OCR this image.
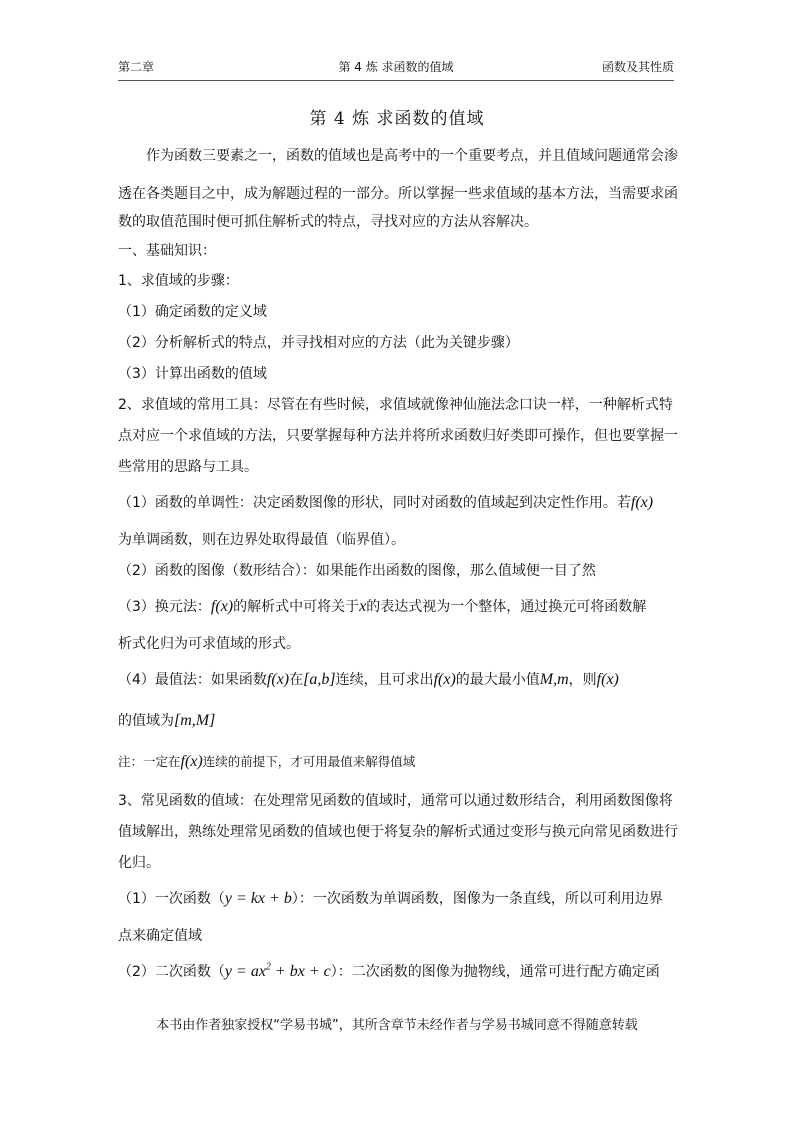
第二章	第 4 炼 求函数的值域	函数及其性质
第 4 炼 求函数的值域
作为函数三要素之一，函数的值域也是高考中的一个重要考点，并且值域问题通常会渗
透在各类题目之中，成为解题过程的一部分。所以掌握一些求值域的基本方法，当需要求函
数的取值范围时便可抓住解析式的特点，寻找对应的方法从容解决。
一、基础知识：
1、求值域的步骤：
（1）确定函数的定义域
（2）分析解析式的特点，并寻找相对应的方法（此为关键步骤）
（3）计算出函数的值域
2、求值域的常用工具：尽管在有些时候，求值域就像神仙施法念口诀一样，一种解析式特
点对应一个求值域的方法，只要掌握每种方法并将所求函数归好类即可操作，但也要掌握一
些常用的思路与工具。
（1）函数的单调性：决定函数图像的形状，同时对函数的值域起到决定性作用。若f(x)
为单调函数，则在边界处取得最值（临界值）。
（2）函数的图像（数形结合）：如果能作出函数的图像，那么值域便一目了然
（3）换元法：f(x)的解析式中可将关于x的表达式视为一个整体，通过换元可将函数解
析式化归为可求值域的形式。
（4）最值法：如果函数f(x)在[a,b]连续，且可求出f(x)的最大最小值M,m，则f(x)
的值域为[m,M]
注：一定在f(x)连续的前提下，才可用最值来解得值域
3、常见函数的值域：在处理常见函数的值域时，通常可以通过数形结合，利用函数图像将
值域解出，熟练处理常见函数的值域也便于将复杂的解析式通过变形与换元向常见函数进行
化归。
（1）一次函数（y = kx + b）：一次函数为单调函数，图像为一条直线，所以可利用边界
点来确定值域
（2）二次函数（$y = ax^2$ + bx + c）：二次函数的图像为抛物线，通常可进行配方确定函
本书由作者独家授权“学易书城”，其所含章节未经作者与学易书城同意不得随意转载
